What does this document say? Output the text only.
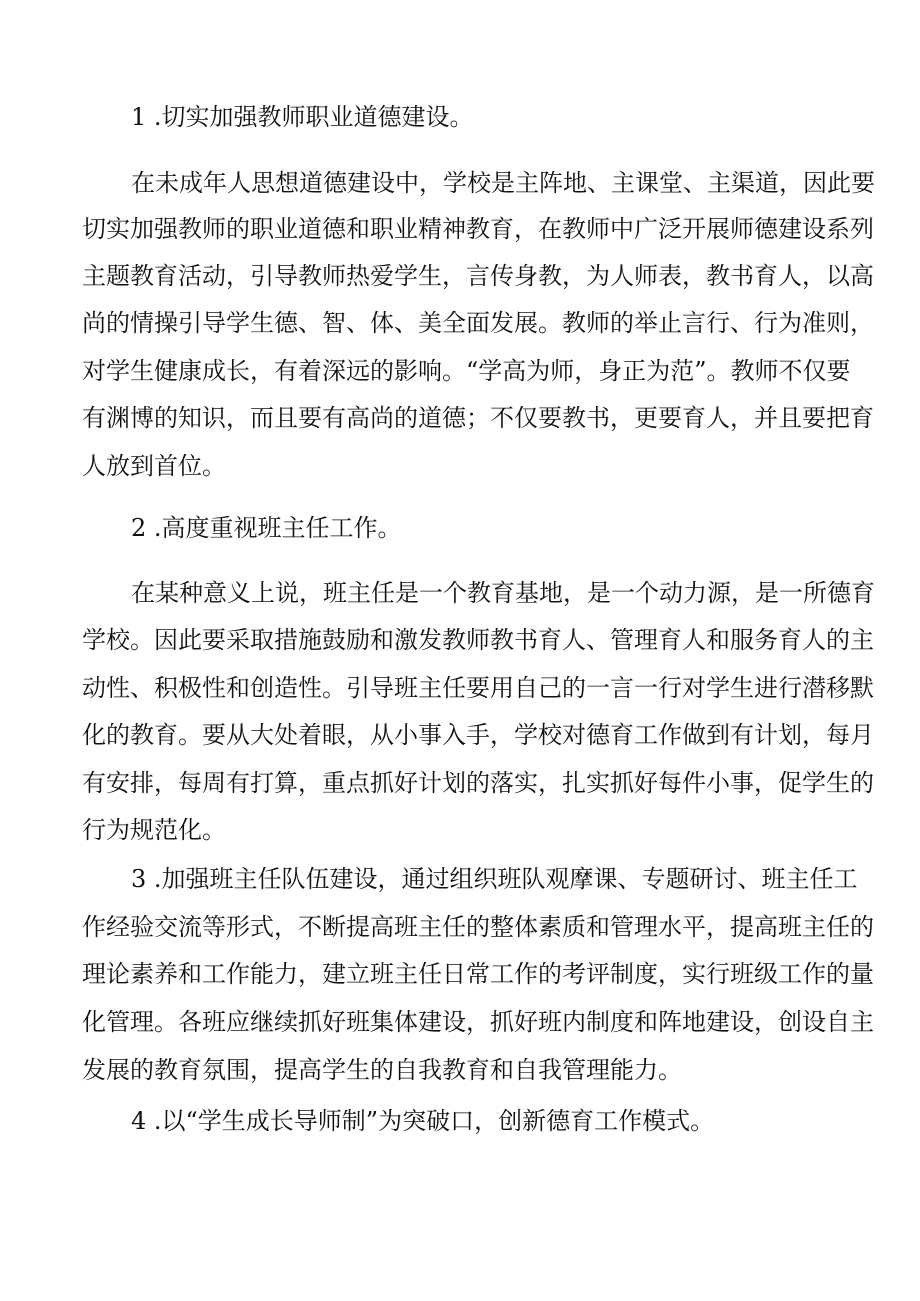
1 .切实加强教师职业道德建设。

在未成年人思想道德建设中，学校是主阵地、主课堂、主渠道，因此要

切实加强教师的职业道德和职业精神教育，在教师中广泛开展师德建设系列

主题教育活动，引导教师热爱学生，言传身教，为人师表，教书育人，以高

尚的情操引导学生德、智、体、美全面发展。教师的举止言行、行为准则，

对学生健康成长，有着深远的影响。“学高为师，身正为范”。教师不仅要

有渊博的知识，而且要有高尚的道德；不仅要教书，更要育人，并且要把育

人放到首位。

2 .高度重视班主任工作。

在某种意义上说，班主任是一个教育基地，是一个动力源，是一所德育

学校。因此要采取措施鼓励和激发教师教书育人、管理育人和服务育人的主

动性、积极性和创造性。引导班主任要用自己的一言一行对学生进行潜移默

化的教育。要从大处着眼，从小事入手，学校对德育工作做到有计划，每月

有安排，每周有打算，重点抓好计划的落实，扎实抓好每件小事，促学生的

行为规范化。

3 .加强班主任队伍建设，通过组织班队观摩课、专题研讨、班主任工

作经验交流等形式，不断提高班主任的整体素质和管理水平，提高班主任的

理论素养和工作能力，建立班主任日常工作的考评制度，实行班级工作的量

化管理。各班应继续抓好班集体建设，抓好班内制度和阵地建设，创设自主

发展的教育氛围，提高学生的自我教育和自我管理能力。

4 .以“学生成长导师制”为突破口，创新德育工作模式。
